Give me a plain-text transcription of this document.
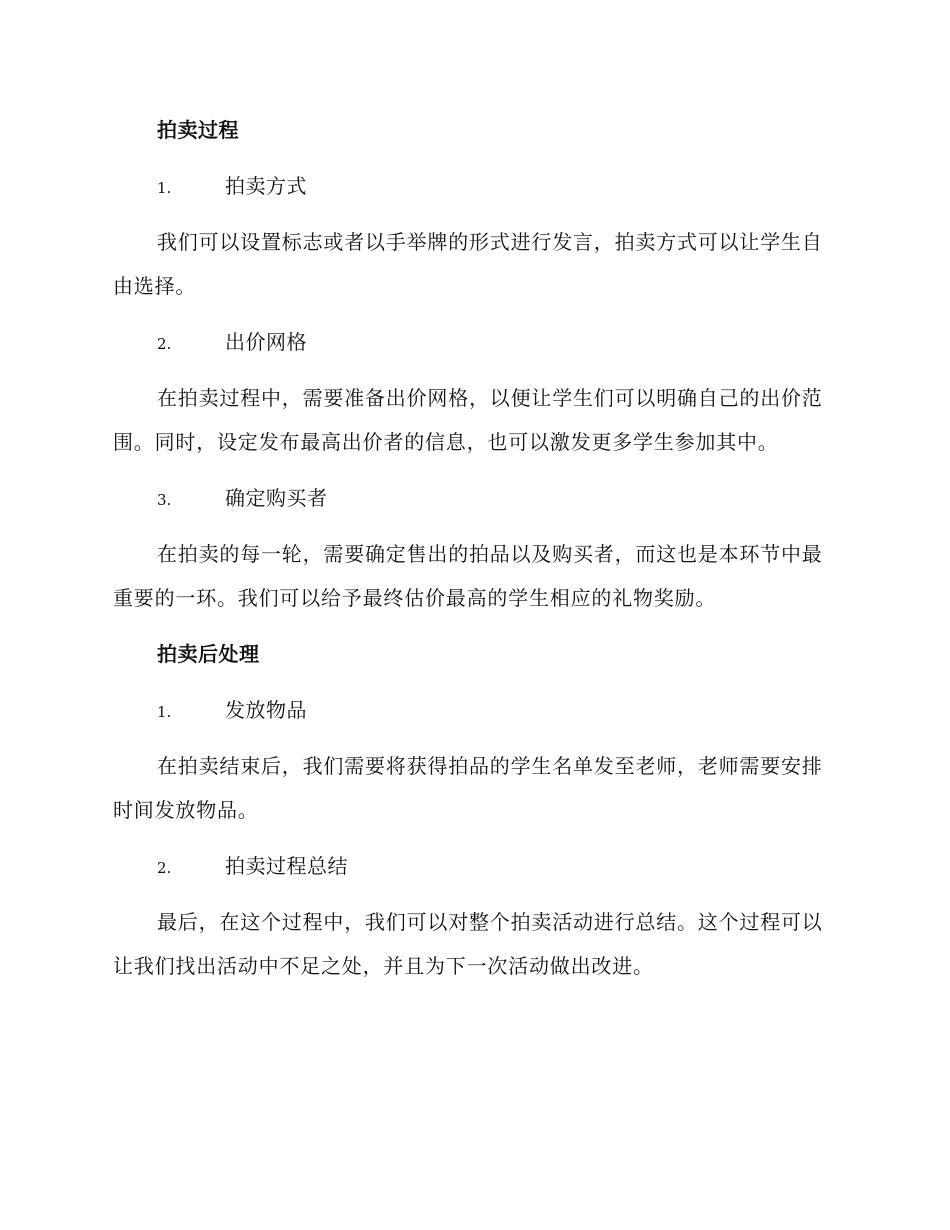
拍卖过程
1.	拍卖方式

我们可以设置标志或者以手举牌的形式进行发言，拍卖方式可以让学生自由选择。

2.	出价网格

在拍卖过程中，需要准备出价网格，以便让学生们可以明确自己的出价范围。同时，设定发布最高出价者的信息，也可以激发更多学生参加其中。

3.	确定购买者

在拍卖的每一轮，需要确定售出的拍品以及购买者，而这也是本环节中最重要的一环。我们可以给予最终估价最高的学生相应的礼物奖励。

拍卖后处理
1.	发放物品

在拍卖结束后，我们需要将获得拍品的学生名单发至老师，老师需要安排时间发放物品。

2.	拍卖过程总结

最后，在这个过程中，我们可以对整个拍卖活动进行总结。这个过程可以让我们找出活动中不足之处，并且为下一次活动做出改进。
